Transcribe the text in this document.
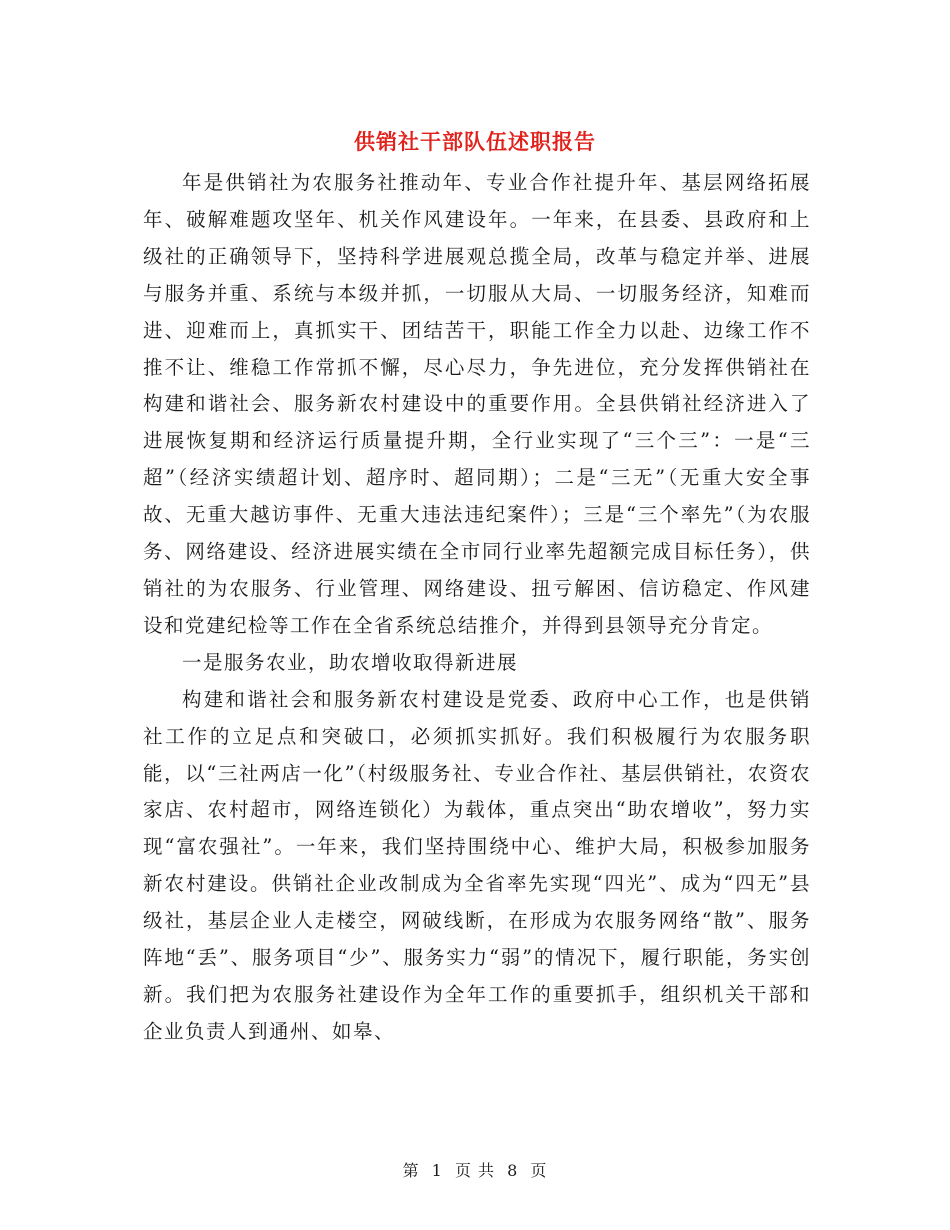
供销社干部队伍述职报告

年是供销社为农服务社推动年、专业合作社提升年、基层网络拓展年、破解难题攻坚年、机关作风建设年。一年来，在县委、县政府和上级社的正确领导下，坚持科学进展观总揽全局，改革与稳定并举、进展与服务并重、系统与本级并抓，一切服从大局、一切服务经济，知难而进、迎难而上，真抓实干、团结苦干，职能工作全力以赴、边缘工作不推不让、维稳工作常抓不懈，尽心尽力，争先进位，充分发挥供销社在构建和谐社会、服务新农村建设中的重要作用。全县供销社经济进入了进展恢复期和经济运行质量提升期，全行业实现了“三个三”：一是“三超”（经济实绩超计划、超序时、超同期）；二是“三无”（无重大安全事故、无重大越访事件、无重大违法违纪案件）；三是“三个率先”（为农服务、网络建设、经济进展实绩在全市同行业率先超额完成目标任务），供销社的为农服务、行业管理、网络建设、扭亏解困、信访稳定、作风建设和党建纪检等工作在全省系统总结推介，并得到县领导充分肯定。

一是服务农业，助农增收取得新进展

构建和谐社会和服务新农村建设是党委、政府中心工作，也是供销社工作的立足点和突破口，必须抓实抓好。我们积极履行为农服务职能，以“三社两店一化”（村级服务社、专业合作社、基层供销社，农资农家店、农村超市，网络连锁化）为载体，重点突出“助农增收”，努力实现“富农强社”。一年来，我们坚持围绕中心、维护大局，积极参加服务新农村建设。供销社企业改制成为全省率先实现“四光”、成为“四无”县级社，基层企业人走楼空，网破线断，在形成为农服务网络“散”、服务阵地“丢”、服务项目“少”、服务实力“弱”的情况下，履行职能，务实创新。我们把为农服务社建设作为全年工作的重要抓手，组织机关干部和企业负责人到通州、如皋、

第 1 页 共 8 页
